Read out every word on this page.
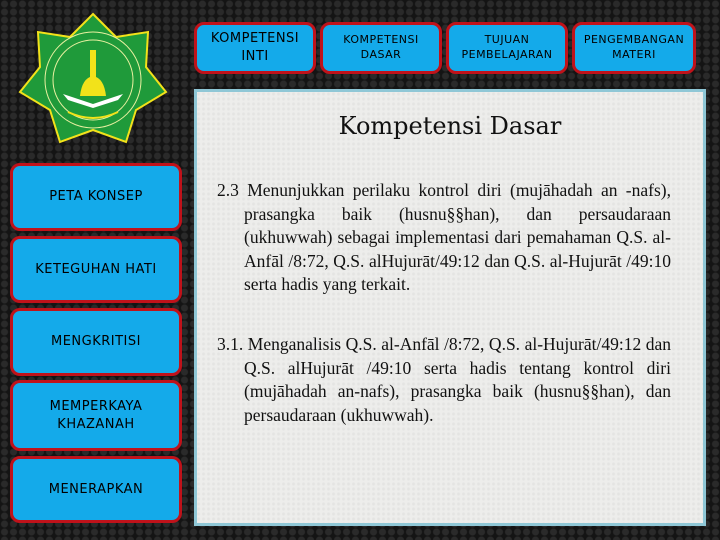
KOMPETENSI INTI
KOMPETENSI DASAR
TUJUAN PEMBELAJARAN
PENGEMBANGAN MATERI
PETA KONSEP
KETEGUHAN HATI
MENGKRITISI
MEMPERKAYA KHAZANAH
MENERAPKAN
Kompetensi Dasar
2.3 Menunjukkan perilaku kontrol diri (mujāhadah an -nafs), prasangka baik (husnu§§han), dan persaudaraan (ukhuwwah) sebagai implementasi dari pemahaman Q.S. al-Anfāl /8:72, Q.S. alHujurāt/49:12 dan Q.S. al-Hujurāt /49:10 serta hadis yang terkait.
3.1. Menganalisis Q.S. al-Anfāl /8:72, Q.S. al-Hujurāt/49:12 dan Q.S. alHujurāt /49:10 serta hadis tentang kontrol diri (mujāhadah an-nafs), prasangka baik (husnu§§han), dan persaudaraan (ukhuwwah).
